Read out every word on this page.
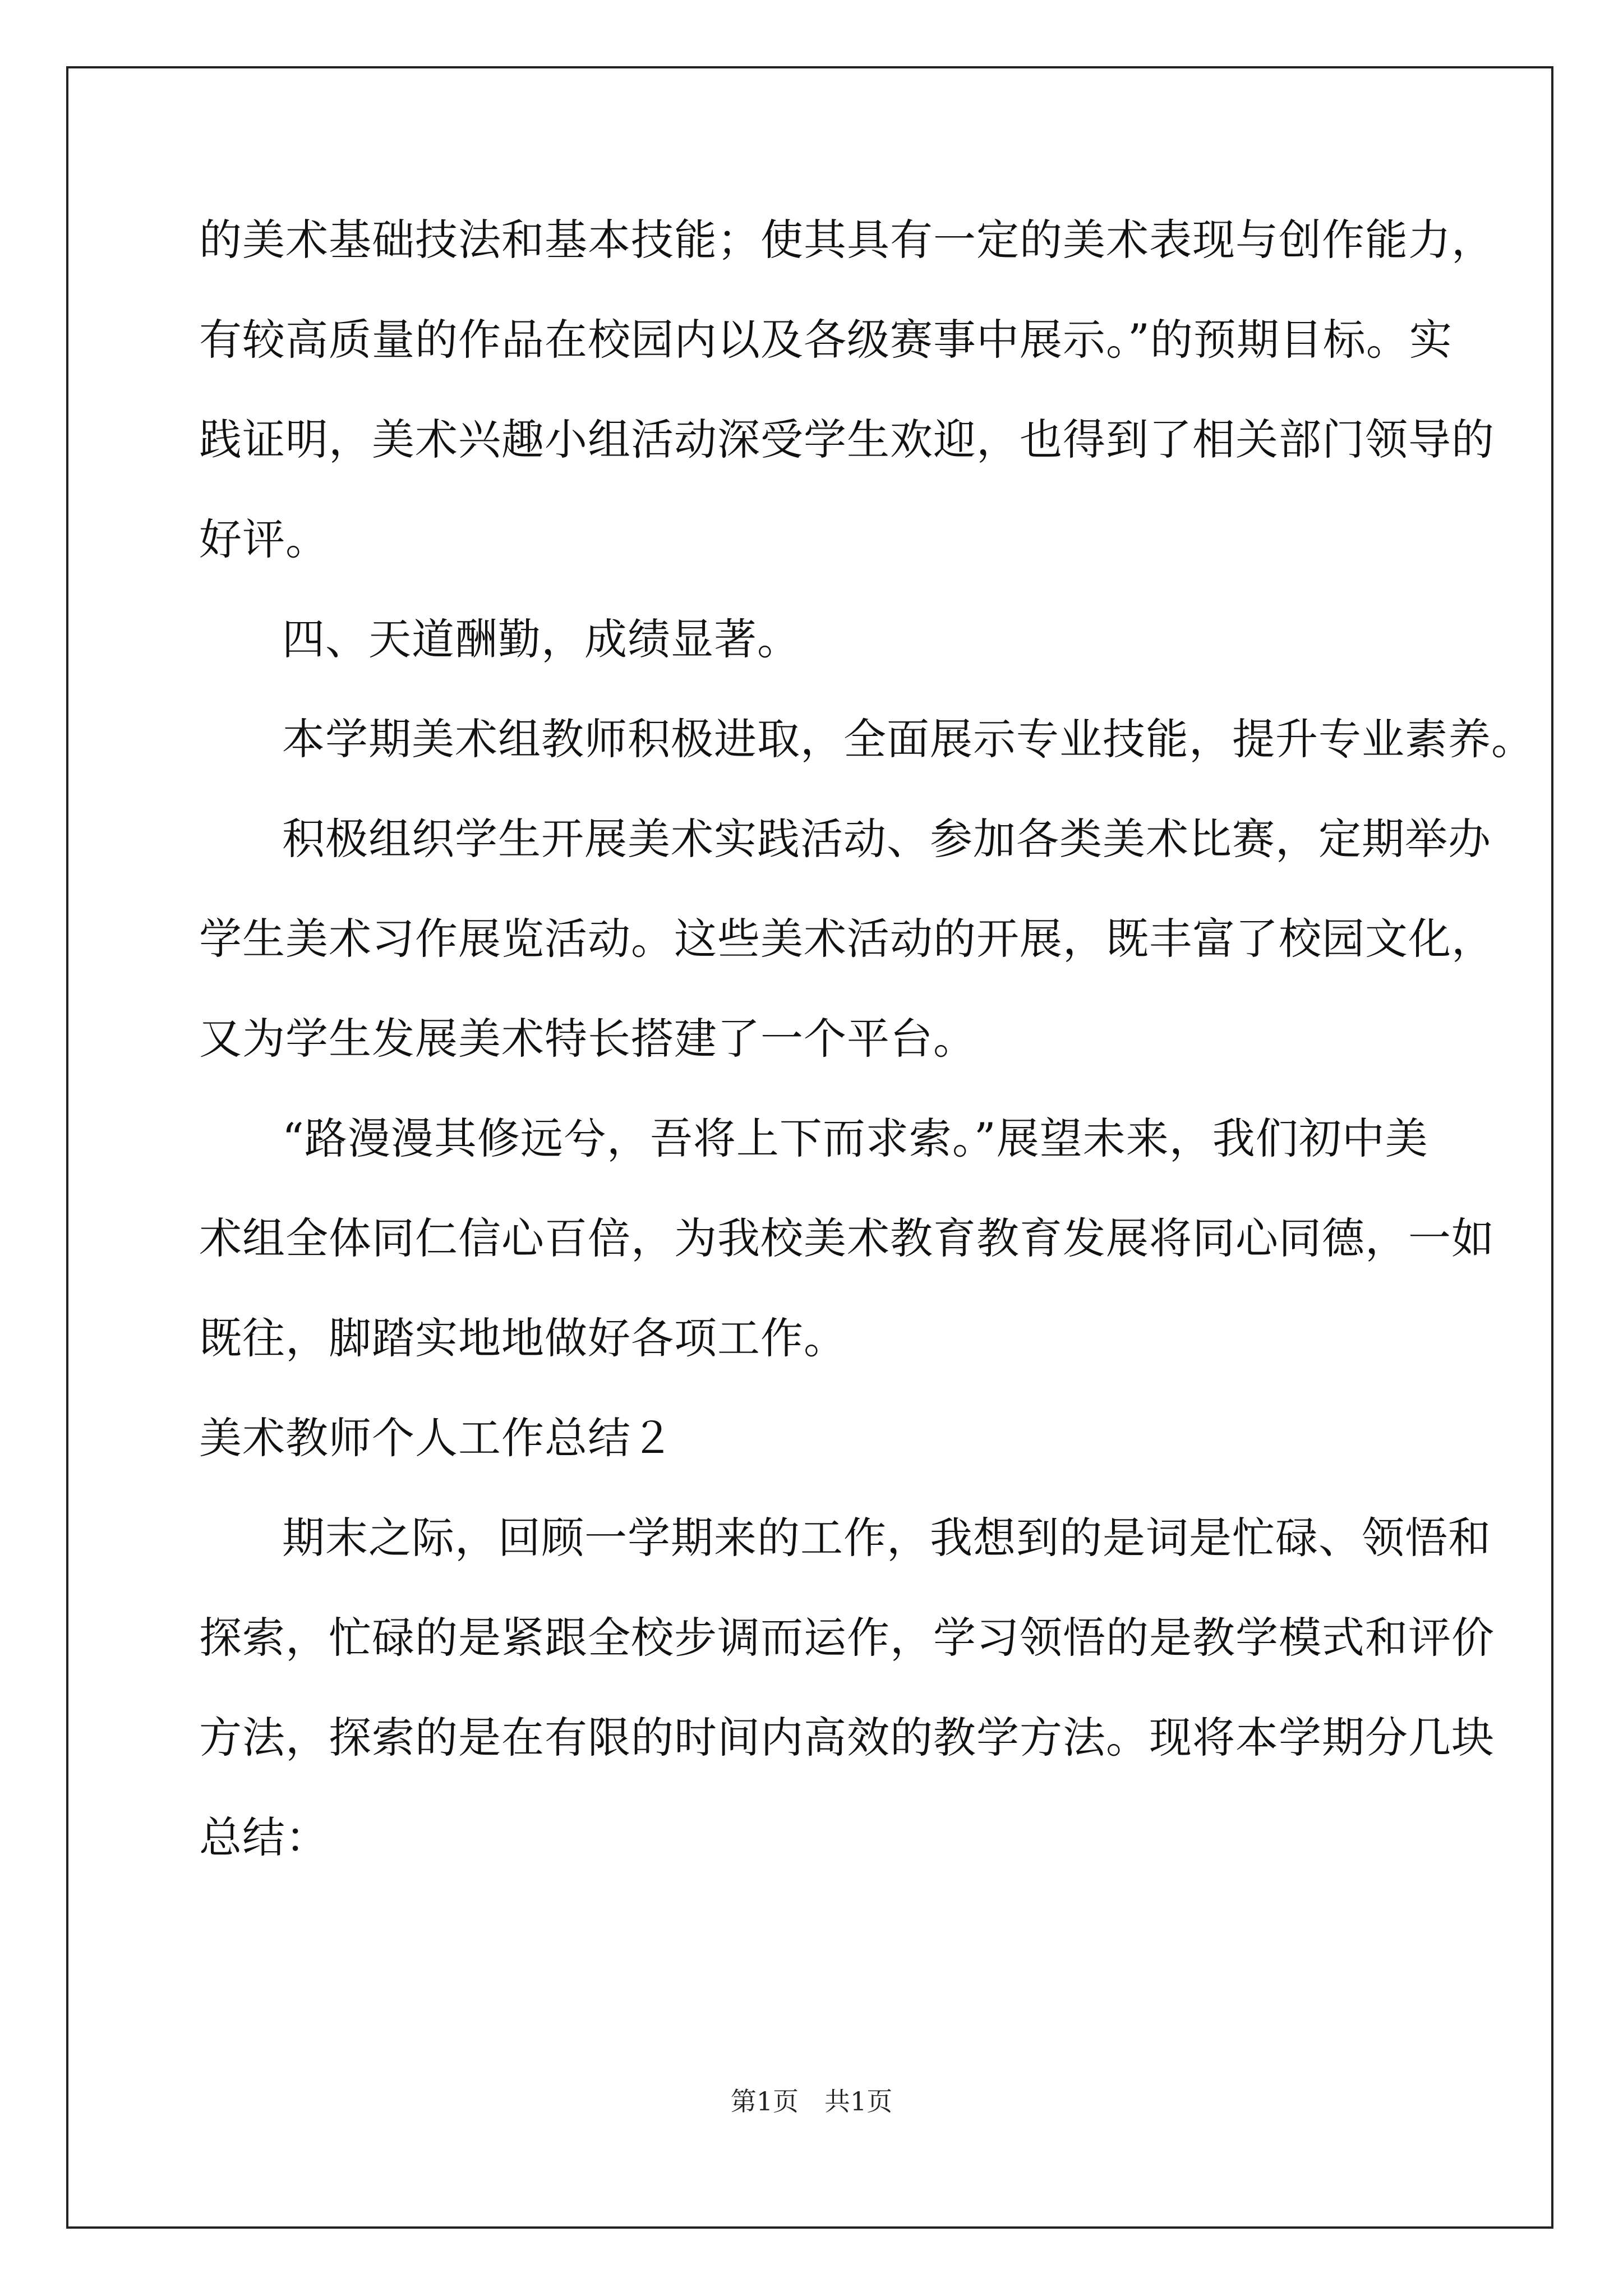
的美术基础技法和基本技能；使其具有一定的美术表现与创作能力，
有较高质量的作品在校园内以及各级赛事中展示。”的预期目标。实
践证明，美术兴趣小组活动深受学生欢迎，也得到了相关部门领导的
好评。
四、天道酬勤，成绩显著。
本学期美术组教师积极进取，全面展示专业技能，提升专业素养。
积极组织学生开展美术实践活动、参加各类美术比赛，定期举办
学生美术习作展览活动。这些美术活动的开展，既丰富了校园文化，
又为学生发展美术特长搭建了一个平台。
“路漫漫其修远兮，吾将上下而求索。”展望未来，我们初中美
术组全体同仁信心百倍，为我校美术教育教育发展将同心同德，一如
既往，脚踏实地地做好各项工作。
美术教师个人工作总结２
期末之际，回顾一学期来的工作，我想到的是词是忙碌、领悟和
探索，忙碌的是紧跟全校步调而运作，学习领悟的是教学模式和评价
方法，探索的是在有限的时间内高效的教学方法。现将本学期分几块
总结：
第1页　共1页
